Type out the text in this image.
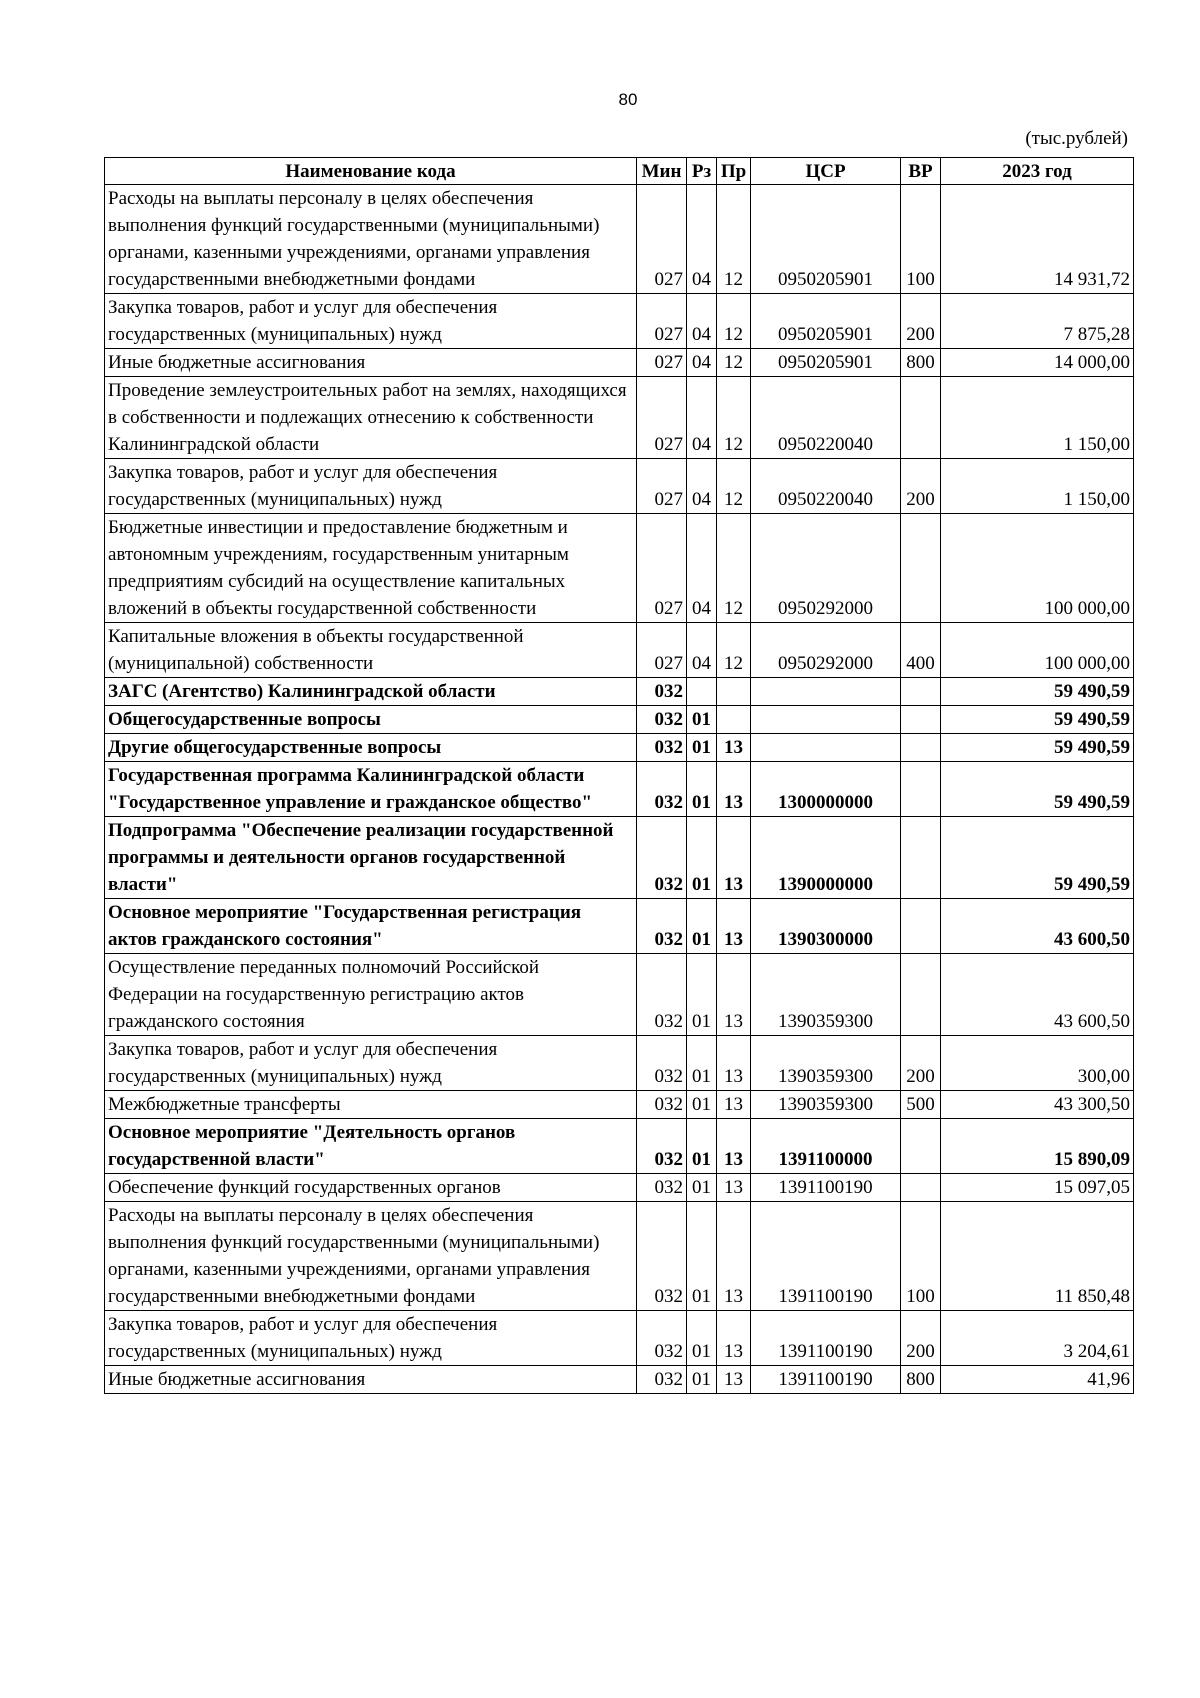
80
(тыс.рублей)
Наименование кода	Мин	Рз	Пр	ЦСР	ВР	2023 год
Расходы на выплаты персоналу в целях обеспечения выполнения функций государственными (муниципальными) органами, казенными учреждениями, органами управления государственными внебюджетными фондами	027	04	12	0950205901	100	14 931,72
Закупка товаров, работ и услуг для обеспечения государственных (муниципальных) нужд	027	04	12	0950205901	200	7 875,28
Иные бюджетные ассигнования	027	04	12	0950205901	800	14 000,00
Проведение землеустроительных работ на землях, находящихся в собственности и подлежащих отнесению к собственности Калининградской области	027	04	12	0950220040		1 150,00
Закупка товаров, работ и услуг для обеспечения государственных (муниципальных) нужд	027	04	12	0950220040	200	1 150,00
Бюджетные инвестиции и предоставление бюджетным и автономным учреждениям, государственным унитарным предприятиям субсидий на осуществление капитальных вложений в объекты государственной собственности	027	04	12	0950292000		100 000,00
Капитальные вложения в объекты государственной (муниципальной) собственности	027	04	12	0950292000	400	100 000,00
ЗАГС (Агентство) Калининградской области	032					59 490,59
Общегосударственные вопросы	032	01				59 490,59
Другие общегосударственные вопросы	032	01	13			59 490,59
Государственная программа Калининградской области "Государственное управление и гражданское общество"	032	01	13	1300000000		59 490,59
Подпрограмма "Обеспечение реализации государственной программы и деятельности органов государственной власти"	032	01	13	1390000000		59 490,59
Основное мероприятие "Государственная регистрация актов гражданского состояния"	032	01	13	1390300000		43 600,50
Осуществление переданных полномочий Российской Федерации на государственную регистрацию актов гражданского состояния	032	01	13	1390359300		43 600,50
Закупка товаров, работ и услуг для обеспечения государственных (муниципальных) нужд	032	01	13	1390359300	200	300,00
Межбюджетные трансферты	032	01	13	1390359300	500	43 300,50
Основное мероприятие "Деятельность органов государственной власти"	032	01	13	1391100000		15 890,09
Обеспечение функций государственных органов	032	01	13	1391100190		15 097,05
Расходы на выплаты персоналу в целях обеспечения выполнения функций государственными (муниципальными) органами, казенными учреждениями, органами управления государственными внебюджетными фондами	032	01	13	1391100190	100	11 850,48
Закупка товаров, работ и услуг для обеспечения государственных (муниципальных) нужд	032	01	13	1391100190	200	3 204,61
Иные бюджетные ассигнования	032	01	13	1391100190	800	41,96
